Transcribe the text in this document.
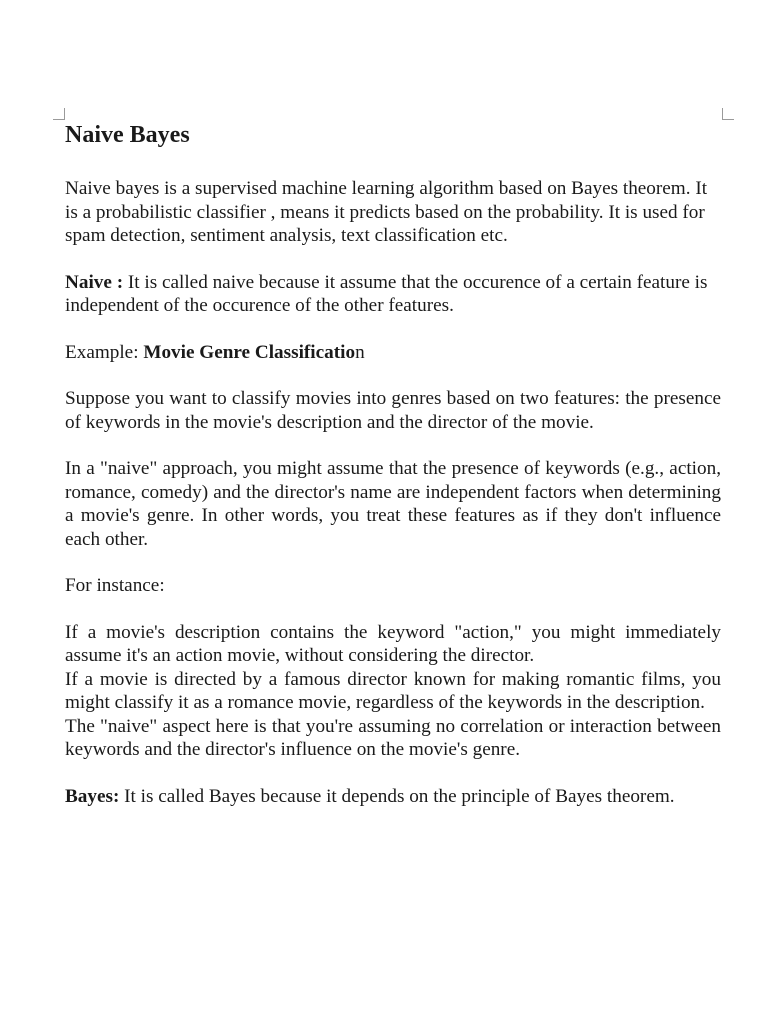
Naive Bayes

Naive bayes is a supervised machine learning algorithm based on Bayes theorem. It is a probabilistic classifier , means it predicts based on the probability. It is used for spam detection, sentiment analysis, text classification etc.

Naive : It is called naive because it assume that the occurence of a certain feature is independent of the occurence of the other features.

Example: Movie Genre Classification

Suppose you want to classify movies into genres based on two features: the presence of keywords in the movie's description and the director of the movie.

In a "naive" approach, you might assume that the presence of keywords (e.g., action, romance, comedy) and the director's name are independent factors when determining a movie's genre. In other words, you treat these features as if they don't influence each other.

For instance:

If a movie's description contains the keyword "action," you might immediately assume it's an action movie, without considering the director.

If a movie is directed by a famous director known for making romantic films, you might classify it as a romance movie, regardless of the keywords in the description.

The "naive" aspect here is that you're assuming no correlation or interaction between keywords and the director's influence on the movie's genre.

Bayes: It is called Bayes because it depends on the principle of Bayes theorem.
